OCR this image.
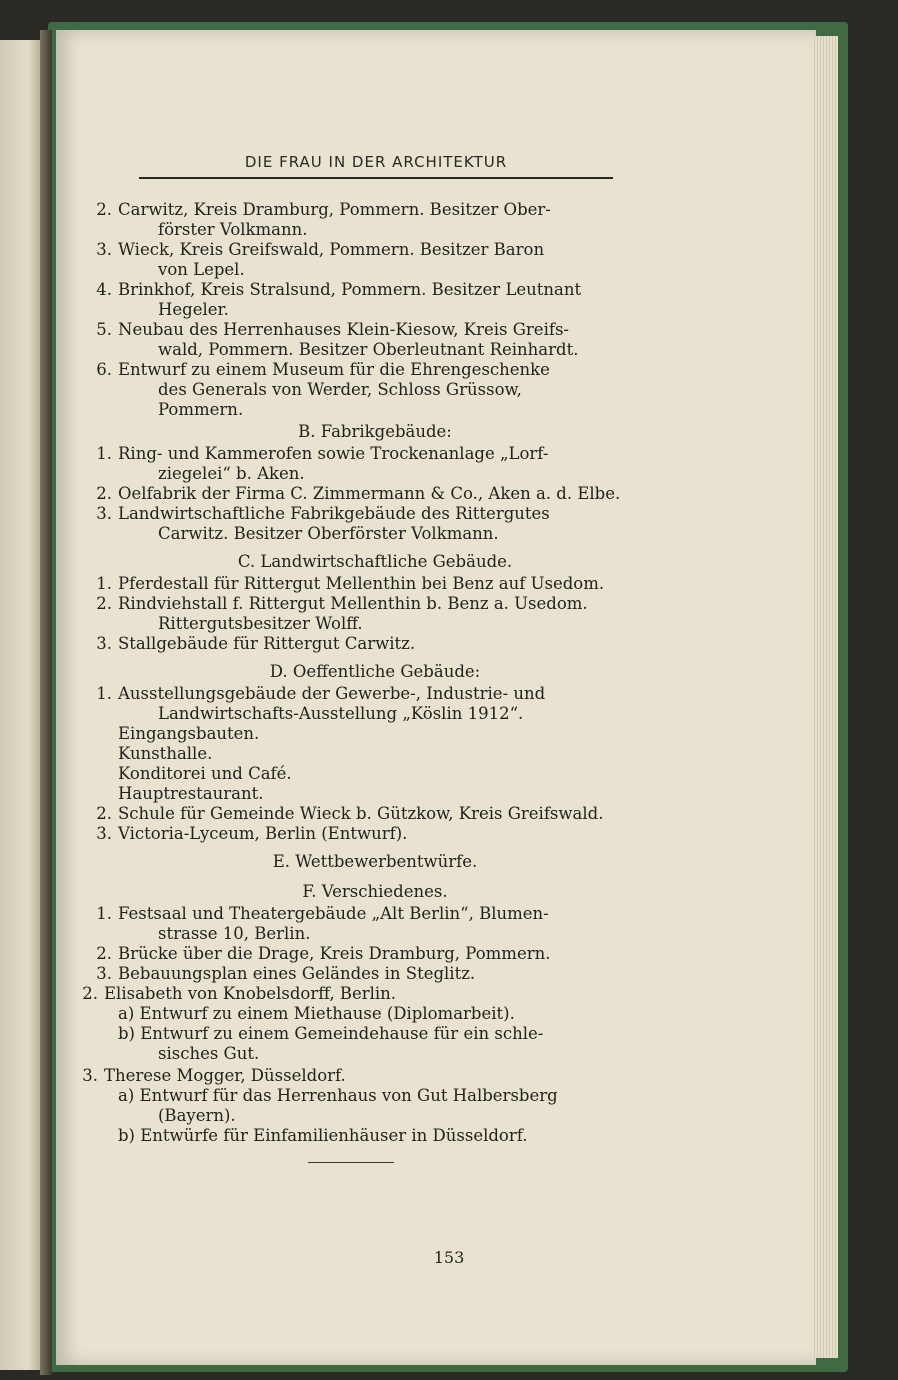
DIE FRAU IN DER ARCHITEKTUR
2. Carwitz, Kreis Dramburg, Pommern. Besitzer Ober-
förster Volkmann.
3. Wieck, Kreis Greifswald, Pommern. Besitzer Baron
von Lepel.
4. Brinkhof, Kreis Stralsund, Pommern. Besitzer Leutnant
Hegeler.
5. Neubau des Herrenhauses Klein-Kiesow, Kreis Greifs-
wald, Pommern. Besitzer Oberleutnant Reinhardt.
6. Entwurf zu einem Museum für die Ehrengeschenke
des Generals von Werder, Schloss Grüssow,
Pommern.
B. Fabrikgebäude:
1. Ring- und Kammerofen sowie Trockenanlage „Lorf-
ziegelei“ b. Aken.
2. Oelfabrik der Firma C. Zimmermann & Co., Aken a. d. Elbe.
3. Landwirtschaftliche Fabrikgebäude des Rittergutes
Carwitz. Besitzer Oberförster Volkmann.
C. Landwirtschaftliche Gebäude.
1. Pferdestall für Rittergut Mellenthin bei Benz auf Usedom.
2. Rindviehstall f. Rittergut Mellenthin b. Benz a. Usedom.
Rittergutsbesitzer Wolff.
3. Stallgebäude für Rittergut Carwitz.
D. Oeffentliche Gebäude:
1. Ausstellungsgebäude der Gewerbe-, Industrie- und
Landwirtschafts-Ausstellung „Köslin 1912“.
Eingangsbauten.
Kunsthalle.
Konditorei und Café.
Hauptrestaurant.
2. Schule für Gemeinde Wieck b. Gützkow, Kreis Greifswald.
3. Victoria-Lyceum, Berlin (Entwurf).
E. Wettbewerbentwürfe.
F. Verschiedenes.
1. Festsaal und Theatergebäude „Alt Berlin“, Blumen-
strasse 10, Berlin.
2. Brücke über die Drage, Kreis Dramburg, Pommern.
3. Bebauungsplan eines Geländes in Steglitz.
2. Elisabeth von Knobelsdorff, Berlin.
a) Entwurf zu einem Miethause (Diplomarbeit).
b) Entwurf zu einem Gemeindehause für ein schle-
sisches Gut.
3. Therese Mogger, Düsseldorf.
a) Entwurf für das Herrenhaus von Gut Halbersberg
(Bayern).
b) Entwürfe für Einfamilienhäuser in Düsseldorf.
153
